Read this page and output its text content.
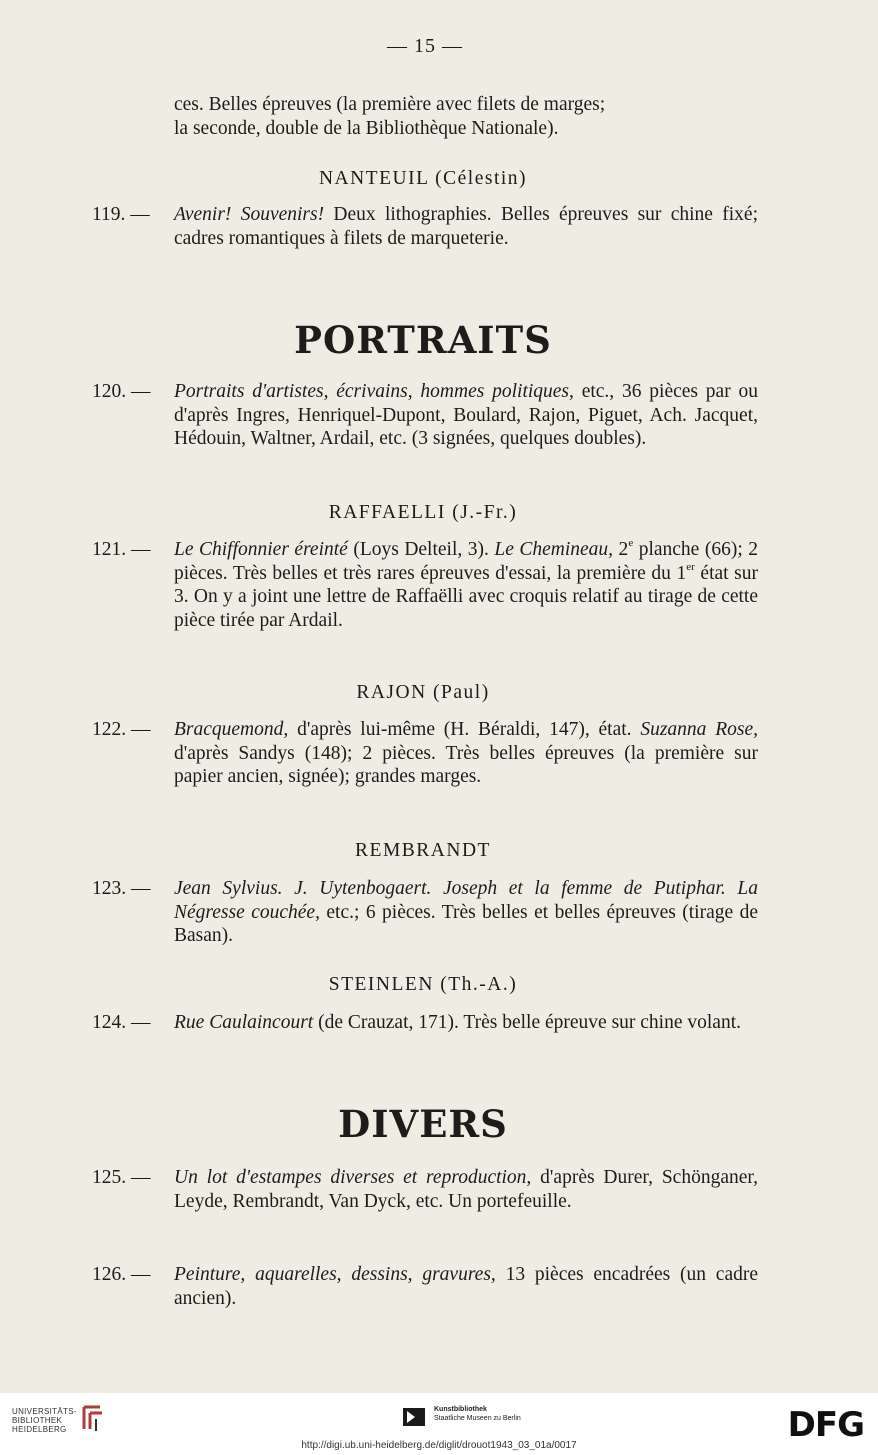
— 15 —
ces. Belles épreuves (la première avec filets de marges;
la seconde, double de la Bibliothèque Nationale).
NANTEUIL (Célestin)
119. —	Avenir! Souvenirs! Deux lithographies. Belles épreuves sur chine fixé; cadres romantiques à filets de marqueterie.
PORTRAITS
120. —	Portraits d'artistes, écrivains, hommes politiques, etc., 36 pièces par ou d'après Ingres, Henriquel-Dupont, Boulard, Rajon, Piguet, Ach. Jacquet, Hédouin, Waltner, Ardail, etc. (3 signées, quelques doubles).
RAFFAELLI (J.-Fr.)
121. —	Le Chiffonnier éreinté (Loys Delteil, 3). Le Chemineau, 2e planche (66); 2 pièces. Très belles et très rares épreuves d'essai, la première du 1er état sur 3. On y a joint une lettre de Raffaëlli avec croquis relatif au tirage de cette pièce tirée par Ardail.
RAJON (Paul)
122. —	Bracquemond, d'après lui-même (H. Béraldi, 147), état. Suzanna Rose, d'après Sandys (148); 2 pièces. Très belles épreuves (la première sur papier ancien, signée); grandes marges.
REMBRANDT
123. —	Jean Sylvius. J. Uytenbogaert. Joseph et la femme de Putiphar. La Négresse couchée, etc.; 6 pièces. Très belles et belles épreuves (tirage de Basan).
STEINLEN (Th.-A.)
124. —	Rue Caulaincourt (de Crauzat, 171). Très belle épreuve sur chine volant.
DIVERS
125. —	Un lot d'estampes diverses et reproduction, d'après Durer, Schönganer, Leyde, Rembrandt, Van Dyck, etc. Un portefeuille.
126. —	Peinture, aquarelles, dessins, gravures, 13 pièces encadrées (un cadre ancien).
UNIVERSITÄTS-
BIBLIOTHEK
HEIDELBERG
Kunstbibliothek
Staatliche Museen zu Berlin	DFG
http://digi.ub.uni-heidelberg.de/diglit/drouot1943_03_01a/0017
